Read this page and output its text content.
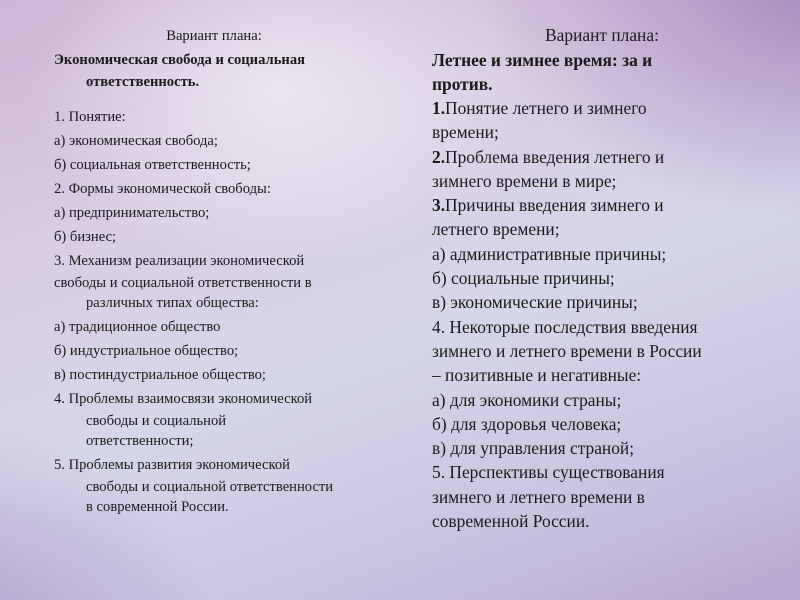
Вариант плана:
Экономическая свобода и социальная
ответственность.
1. Понятие:
а) экономическая свобода;
б) социальная ответственность;
2. Формы экономической свободы:
а) предпринимательство;
б) бизнес;
3. Механизм реализации экономической
свободы и социальной ответственности в
различных типах общества:
а) традиционное общество
б) индустриальное общество;
в) постиндустриальное общество;
4. Проблемы взаимосвязи экономической
свободы и социальной
ответственности;
5. Проблемы развития экономической
свободы и социальной ответственности
в современной России.
Вариант плана:
Летнее и зимнее время: за и
против.
1.Понятие летнего и зимнего
времени;
2.Проблема введения летнего и
зимнего времени в мире;
3.Причины введения зимнего и
летнего времени;
а) административные причины;
б) социальные причины;
в) экономические причины;
4. Некоторые последствия введения
зимнего и летнего времени в России
– позитивные и негативные:
а) для экономики страны;
б) для здоровья человека;
в) для управления страной;
5. Перспективы существования
зимнего и летнего времени в
современной России.
